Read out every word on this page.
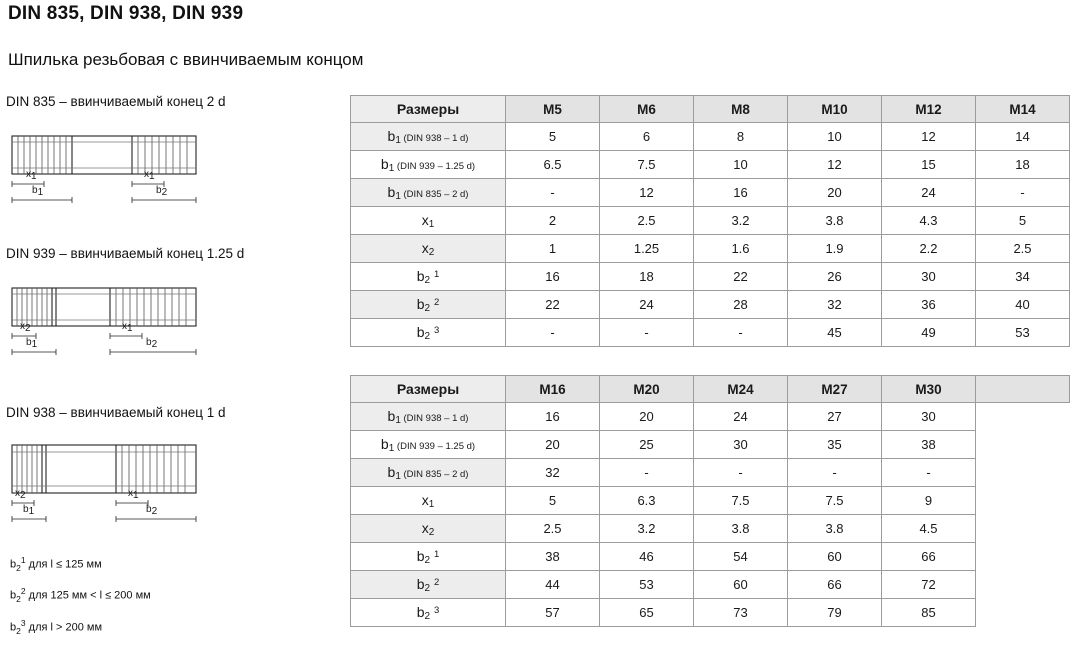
DIN 835, DIN 938, DIN 939
Шпилька резьбовая с ввинчиваемым концом
DIN 835 – ввинчиваемый конец 2 d
x1
b1
x1
b2
DIN 939 – ввинчиваемый конец 1.25 d
x2
b1
x1
b2
DIN 938 – ввинчиваемый конец 1 d
x2
b1
x1
b2
$b_2^1$ для l ≤ 125 мм
$b_2^2$ для 125 мм < l ≤ 200 мм
$b_2^3$ для l > 200 мм
Размеры	M5	M6	M8	M10	M12	M14
$b_1$ (DIN 938 – 1 d)	5	6	8	10	12	14
$b_1$ (DIN 939 – 1.25 d)	6.5	7.5	10	12	15	18
$b_1$ (DIN 835 – 2 d)	-	12	16	20	24	-
$x_1$	2	2.5	3.2	3.8	4.3	5
$x_2$	1	1.25	1.6	1.9	2.2	2.5
$b_2$ $^1$	16	18	22	26	30	34
$b_2$ $^2$	22	24	28	32	36	40
$b_2$ $^3$	-	-	-	45	49	53
Размеры	M16	M20	M24	M27	M30	
$b_1$ (DIN 938 – 1 d)	16	20	24	27	30	
$b_1$ (DIN 939 – 1.25 d)	20	25	30	35	38	
$b_1$ (DIN 835 – 2 d)	32	-	-	-	-	
$x_1$	5	6.3	7.5	7.5	9	
$x_2$	2.5	3.2	3.8	3.8	4.5	
$b_2$ $^1$	38	46	54	60	66	
$b_2$ $^2$	44	53	60	66	72	
$b_2$ $^3$	57	65	73	79	85	
